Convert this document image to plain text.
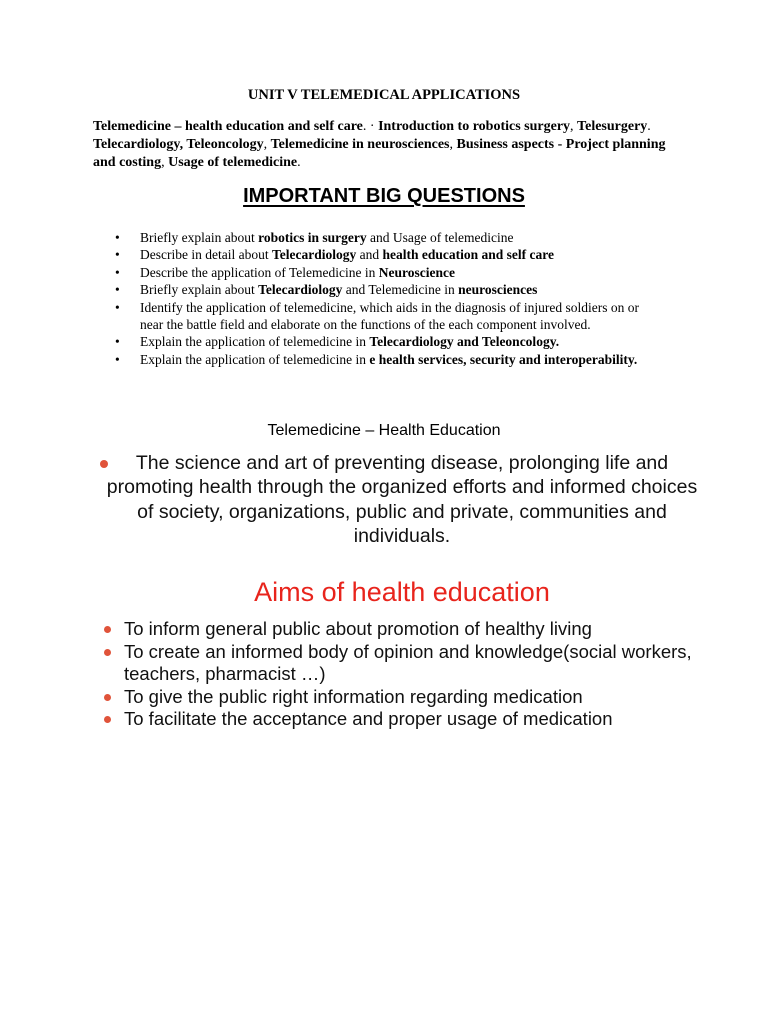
UNIT V TELEMEDICAL APPLICATIONS

Telemedicine – health education and self care. · Introduction to robotics surgery, Telesurgery. Telecardiology, Teleoncology, Telemedicine in neurosciences, Business aspects - Project planning and costing, Usage of telemedicine.

IMPORTANT BIG QUESTIONS
• Briefly explain about robotics in surgery and Usage of telemedicine
• Describe in detail about Telecardiology and health education and self care
• Describe the application of Telemedicine in Neuroscience
• Briefly explain about Telecardiology and Telemedicine in neurosciences
• Identify the application of telemedicine, which aids in the diagnosis of injured soldiers on or near the battle field and elaborate on the functions of the each component involved.
• Explain the application of telemedicine in Telecardiology and Teleoncology.
• Explain the application of telemedicine in e health services, security and interoperability.
Telemedicine – Health Education
The science and art of preventing disease, prolonging life and promoting health through the organized efforts and informed choices of society, organizations, public and private, communities and individuals.
Aims of health education
To inform general public about promotion of healthy living
To create an informed body of opinion and knowledge(social workers, teachers, pharmacist …)
To give the public right information regarding medication
To facilitate the acceptance and proper usage of medication
